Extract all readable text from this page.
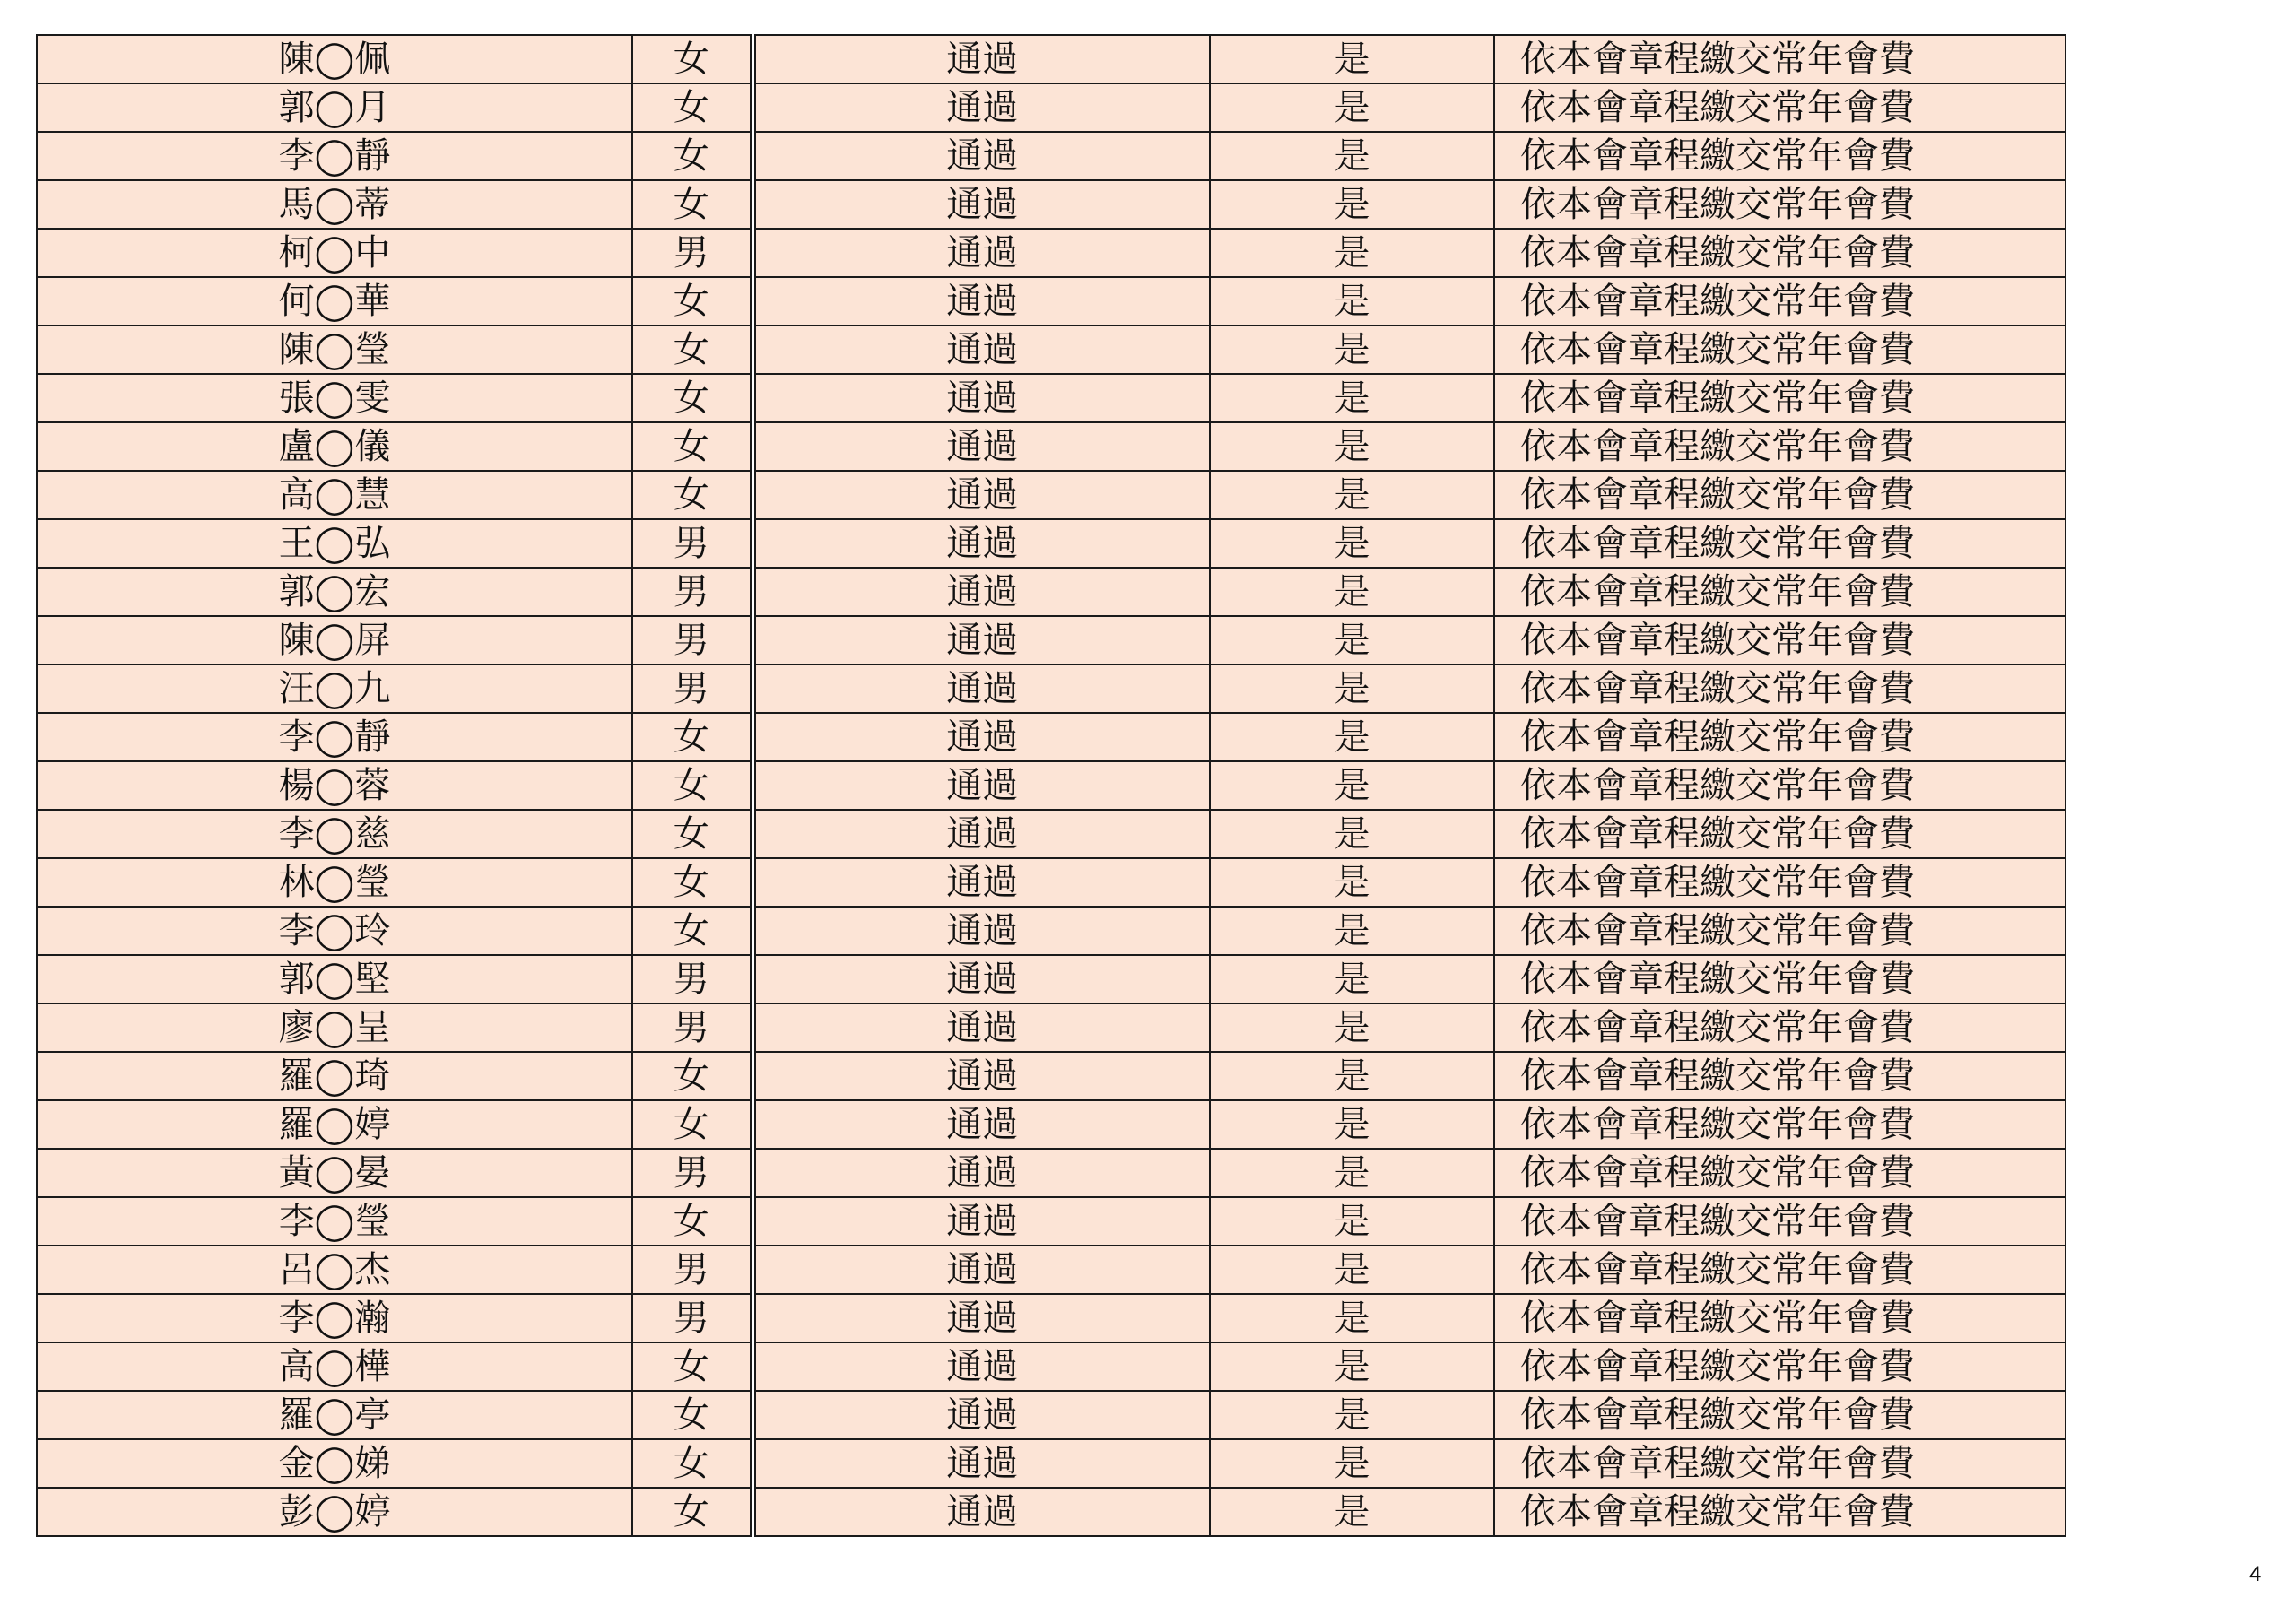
陳◯佩	女	通過	是	依本會章程繳交常年會費
郭◯月	女	通過	是	依本會章程繳交常年會費
李◯靜	女	通過	是	依本會章程繳交常年會費
馬◯蒂	女	通過	是	依本會章程繳交常年會費
柯◯中	男	通過	是	依本會章程繳交常年會費
何◯華	女	通過	是	依本會章程繳交常年會費
陳◯瑩	女	通過	是	依本會章程繳交常年會費
張◯雯	女	通過	是	依本會章程繳交常年會費
盧◯儀	女	通過	是	依本會章程繳交常年會費
高◯慧	女	通過	是	依本會章程繳交常年會費
王◯弘	男	通過	是	依本會章程繳交常年會費
郭◯宏	男	通過	是	依本會章程繳交常年會費
陳◯屏	男	通過	是	依本會章程繳交常年會費
汪◯九	男	通過	是	依本會章程繳交常年會費
李◯靜	女	通過	是	依本會章程繳交常年會費
楊◯蓉	女	通過	是	依本會章程繳交常年會費
李◯慈	女	通過	是	依本會章程繳交常年會費
林◯瑩	女	通過	是	依本會章程繳交常年會費
李◯玲	女	通過	是	依本會章程繳交常年會費
郭◯堅	男	通過	是	依本會章程繳交常年會費
廖◯呈	男	通過	是	依本會章程繳交常年會費
羅◯琦	女	通過	是	依本會章程繳交常年會費
羅◯婷	女	通過	是	依本會章程繳交常年會費
黃◯晏	男	通過	是	依本會章程繳交常年會費
李◯瑩	女	通過	是	依本會章程繳交常年會費
呂◯杰	男	通過	是	依本會章程繳交常年會費
李◯瀚	男	通過	是	依本會章程繳交常年會費
高◯樺	女	通過	是	依本會章程繳交常年會費
羅◯亭	女	通過	是	依本會章程繳交常年會費
金◯娣	女	通過	是	依本會章程繳交常年會費
彭◯婷	女	通過	是	依本會章程繳交常年會費
4
